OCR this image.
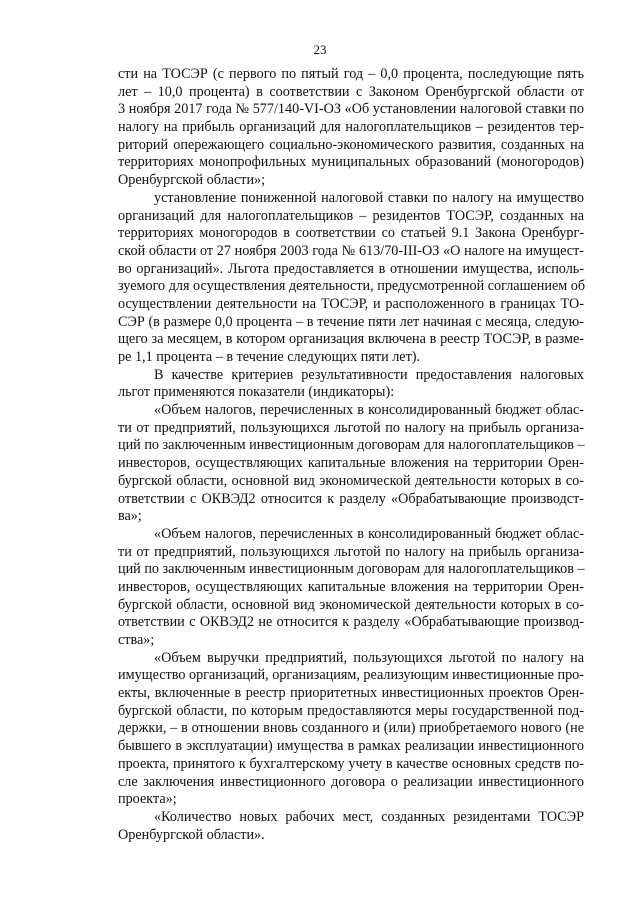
23
сти на ТОСЭР (с первого по пятый год – 0,0 процента, последующие пять
лет – 10,0 процента) в соответствии с Законом Оренбургской области от
3 ноября 2017 года № 577/140-VI-ОЗ «Об установлении налоговой ставки по
налогу на прибыль организаций для налогоплательщиков – резидентов тер-
риторий опережающего социально-экономического развития, созданных на
территориях монопрофильных муниципальных образований (моногородов)
Оренбургской области»;
установление пониженной налоговой ставки по налогу на имущество
организаций для налогоплательщиков – резидентов ТОСЭР, созданных на
территориях моногородов в соответствии со статьей 9.1 Закона Оренбург-
ской области от 27 ноября 2003 года № 613/70-III-ОЗ «О налоге на имущест-
во организаций». Льгота предоставляется в отношении имущества, исполь-
зуемого для осуществления деятельности, предусмотренной соглашением об
осуществлении деятельности на ТОСЭР, и расположенного в границах ТО-
СЭР (в размере 0,0 процента – в течение пяти лет начиная с месяца, следую-
щего за месяцем, в котором организация включена в реестр ТОСЭР, в разме-
ре 1,1 процента – в течение следующих пяти лет).
В качестве критериев результативности предоставления налоговых
льгот применяются показатели (индикаторы):
«Объем налогов, перечисленных в консолидированный бюджет облас-
ти от предприятий, пользующихся льготой по налогу на прибыль организа-
ций по заключенным инвестиционным договорам для налогоплательщиков –
инвесторов, осуществляющих капитальные вложения на территории Орен-
бургской области, основной вид экономической деятельности которых в со-
ответствии с ОКВЭД2 относится к разделу «Обрабатывающие производст-
ва»;
«Объем налогов, перечисленных в консолидированный бюджет облас-
ти от предприятий, пользующихся льготой по налогу на прибыль организа-
ций по заключенным инвестиционным договорам для налогоплательщиков –
инвесторов, осуществляющих капитальные вложения на территории Орен-
бургской области, основной вид экономической деятельности которых в со-
ответствии с ОКВЭД2 не относится к разделу «Обрабатывающие производ-
ства»;
«Объем выручки предприятий, пользующихся льготой по налогу на
имущество организаций, организациям, реализующим инвестиционные про-
екты, включенные в реестр приоритетных инвестиционных проектов Орен-
бургской области, по которым предоставляются меры государственной под-
держки, – в отношении вновь созданного и (или) приобретаемого нового (не
бывшего в эксплуатации) имущества в рамках реализации инвестиционного
проекта, принятого к бухгалтерскому учету в качестве основных средств по-
сле заключения инвестиционного договора о реализации инвестиционного
проекта»;
«Количество новых рабочих мест, созданных резидентами ТОСЭР
Оренбургской области».
